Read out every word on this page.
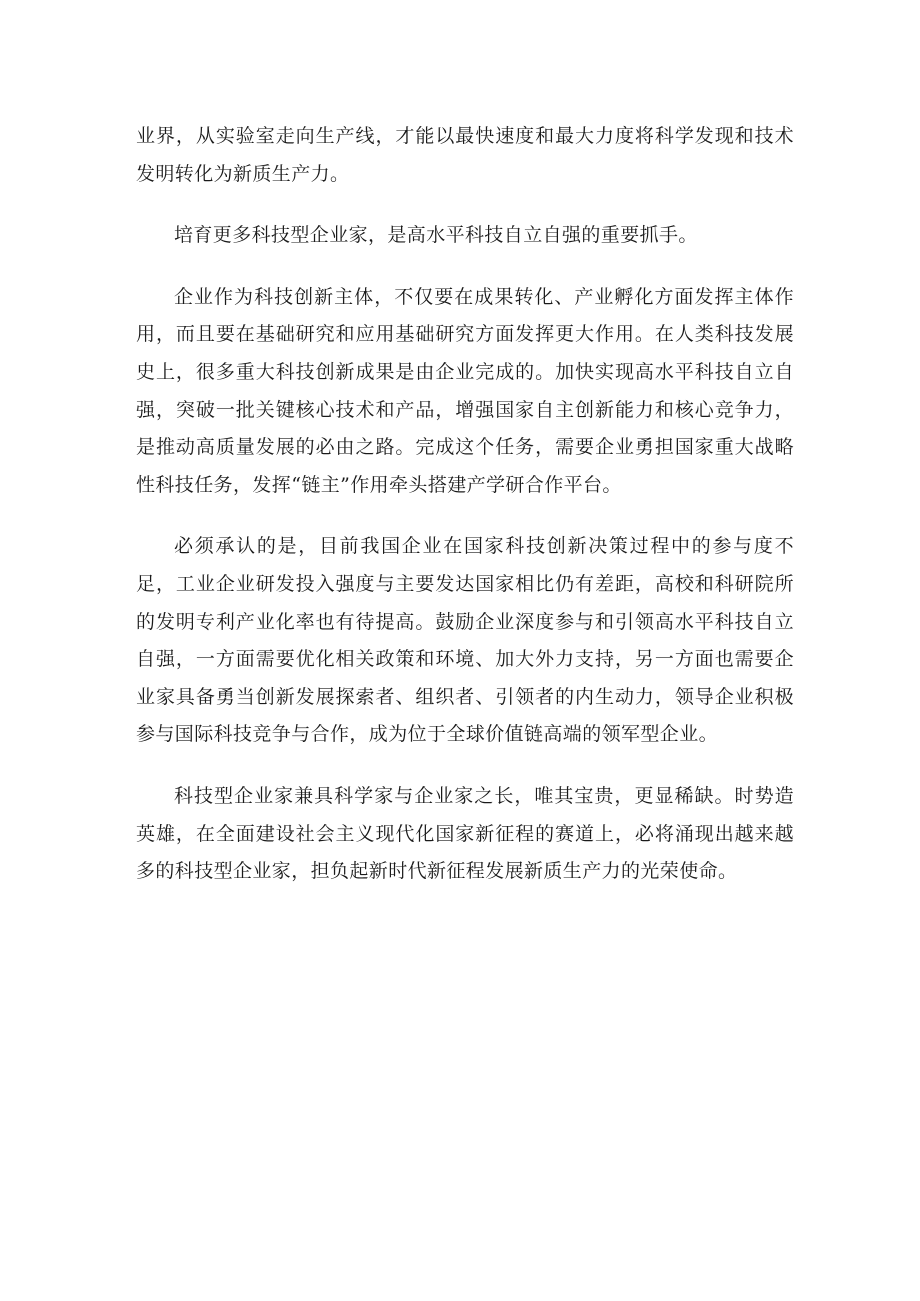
业界，从实验室走向生产线，才能以最快速度和最大力度将科学发现和技术发明转化为新质生产力。

培育更多科技型企业家，是高水平科技自立自强的重要抓手。

企业作为科技创新主体，不仅要在成果转化、产业孵化方面发挥主体作用，而且要在基础研究和应用基础研究方面发挥更大作用。在人类科技发展史上，很多重大科技创新成果是由企业完成的。加快实现高水平科技自立自强，突破一批关键核心技术和产品，增强国家自主创新能力和核心竞争力，是推动高质量发展的必由之路。完成这个任务，需要企业勇担国家重大战略性科技任务，发挥“链主”作用牵头搭建产学研合作平台。

必须承认的是，目前我国企业在国家科技创新决策过程中的参与度不足，工业企业研发投入强度与主要发达国家相比仍有差距，高校和科研院所的发明专利产业化率也有待提高。鼓励企业深度参与和引领高水平科技自立自强，一方面需要优化相关政策和环境、加大外力支持，另一方面也需要企业家具备勇当创新发展探索者、组织者、引领者的内生动力，领导企业积极参与国际科技竞争与合作，成为位于全球价值链高端的领军型企业。

科技型企业家兼具科学家与企业家之长，唯其宝贵，更显稀缺。时势造英雄，在全面建设社会主义现代化国家新征程的赛道上，必将涌现出越来越多的科技型企业家，担负起新时代新征程发展新质生产力的光荣使命。
